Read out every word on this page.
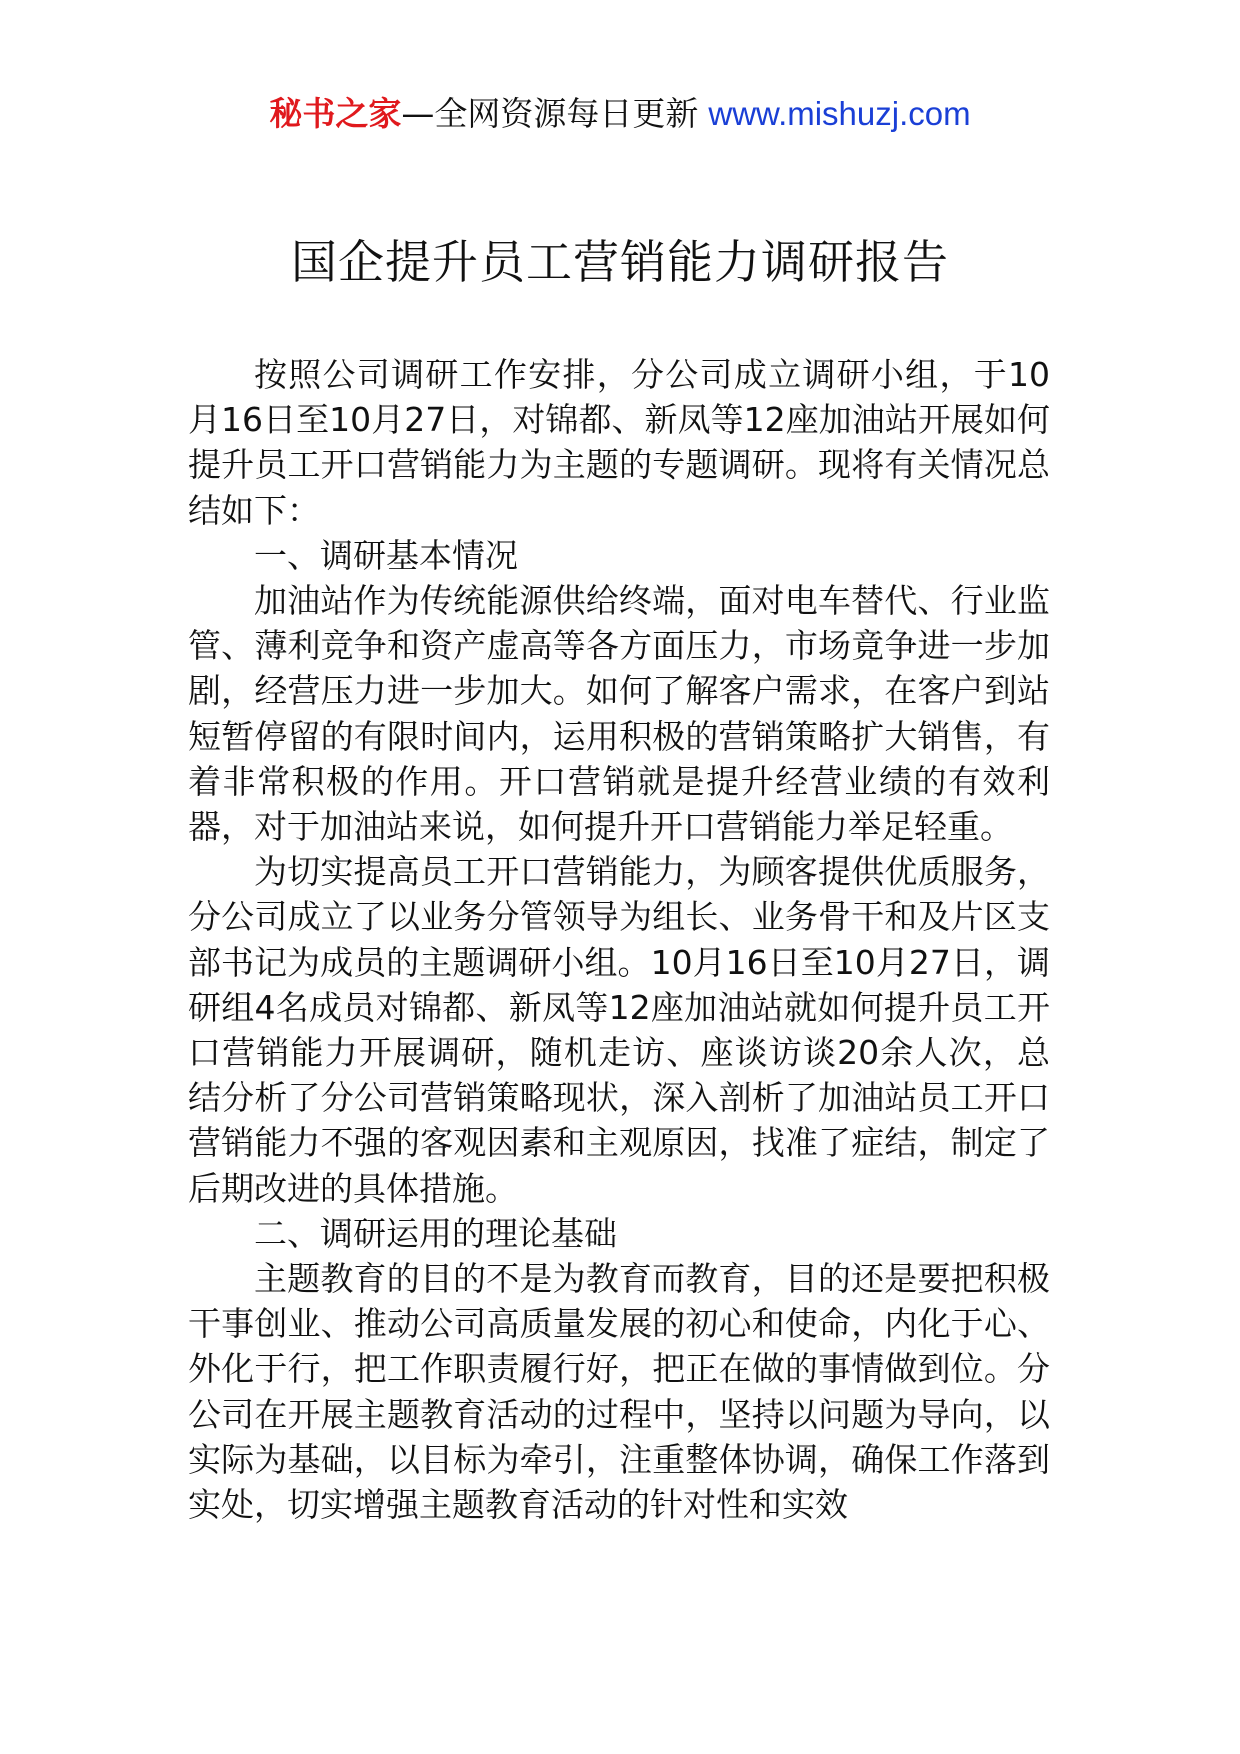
秘书之家—全网资源每日更新 www.mishuzj.com
国企提升员工营销能力调研报告

按照公司调研工作安排，分公司成立调研小组，于10月16日至10月27日，对锦都、新凤等12座加油站开展如何提升员工开口营销能力为主题的专题调研。现将有关情况总结如下：

一、调研基本情况

加油站作为传统能源供给终端，面对电车替代、行业监管、薄利竞争和资产虚高等各方面压力，市场竟争进一步加剧，经营压力进一步加大。如何了解客户需求，在客户到站短暂停留的有限时间内，运用积极的营销策略扩大销售，有着非常积极的作用。开口营销就是提升经营业绩的有效利器，对于加油站来说，如何提升开口营销能力举足轻重。

为切实提高员工开口营销能力，为顾客提供优质服务，分公司成立了以业务分管领导为组长、业务骨干和及片区支部书记为成员的主题调研小组。10月16日至10月27日，调研组4名成员对锦都、新凤等12座加油站就如何提升员工开口营销能力开展调研，随机走访、座谈访谈20余人次，总结分析了分公司营销策略现状，深入剖析了加油站员工开口营销能力不强的客观因素和主观原因，找准了症结，制定了后期改进的具体措施。

二、调研运用的理论基础

主题教育的目的不是为教育而教育，目的还是要把积极干事创业、推动公司高质量发展的初心和使命，内化于心、外化于行，把工作职责履行好，把正在做的事情做到位。分公司在开展主题教育活动的过程中，坚持以问题为导向，以实际为基础，以目标为牵引，注重整体协调，确保工作落到实处，切实增强主题教育活动的针对性和实效
